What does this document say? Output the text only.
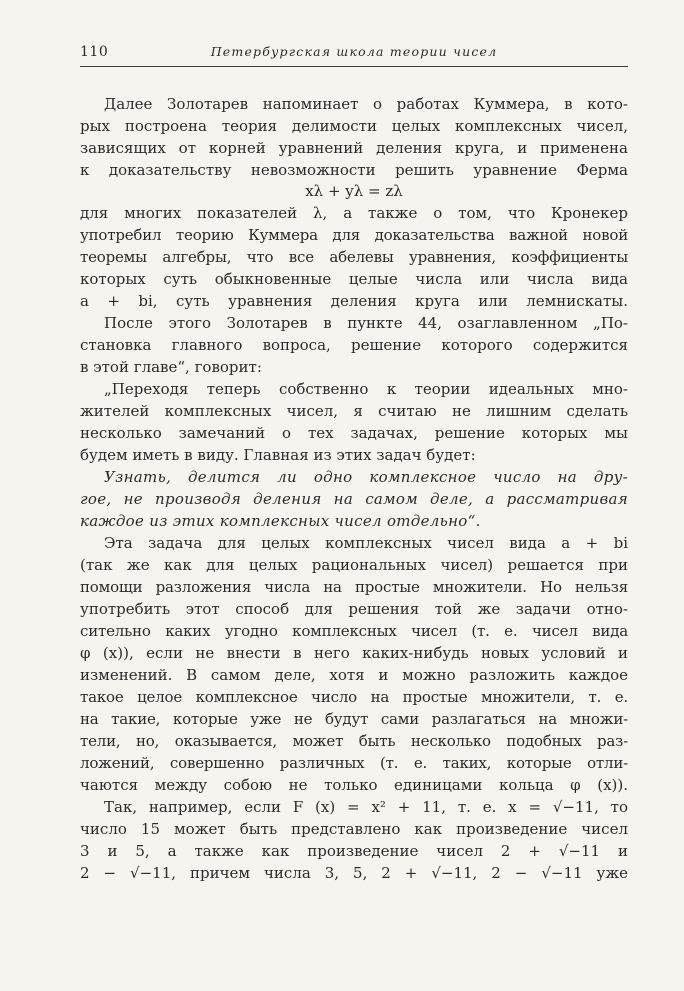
110	Петербургская школа теории чисел
Далее Золотарев напоминает о работах Куммера, в кото-
рых построена теория делимости целых комплексных чисел,
зависящих от корней уравнений деления круга, и применена
к доказательству невозможности решить уравнение Ферма
xλ + yλ = zλ
для многих показателей λ, а также о том, что Кронекер
употребил теорию Куммера для доказательства важной новой
теоремы алгебры, что все абелевы уравнения, коэффициенты
которых суть обыкновенные целые числа или числа вида
a + bi, суть уравнения деления круга или лемнискаты.
После этого Золотарев в пункте 44, озаглавленном „По-
становка главного вопроса, решение которого содержится
в этой главе“, говорит:
„Переходя теперь собственно к теории идеальных мно-
жителей комплексных чисел, я считаю не лишним сделать
несколько замечаний о тех задачах, решение которых мы
будем иметь в виду. Главная из этих задач будет:
Узнать, делится ли одно комплексное число на дру-
гое, не производя деления на самом деле, а рассматривая
каждое из этих комплексных чисел отдельно“.
Эта задача для целых комплексных чисел вида a + bi
(так же как для целых рациональных чисел) решается при
помощи разложения числа на простые множители. Но нельзя
употребить этот способ для решения той же задачи отно-
сительно каких угодно комплексных чисел (т. е. чисел вида
φ (x)), если не внести в него каких-нибудь новых условий и
изменений. В самом деле, хотя и можно разложить каждое
такое целое комплексное число на простые множители, т. е.
на такие, которые уже не будут сами разлагаться на множи-
тели, но, оказывается, может быть несколько подобных раз-
ложений, совершенно различных (т. е. таких, которые отли-
чаются между собою не только единицами кольца φ (x)).
Так, например, если F (x) = x² + 11, т. е. x = √−11, то
число 15 может быть представлено как произведение чисел
3 и 5, а также как произведение чисел 2 + √−11 и
2 − √−11, причем числа 3, 5, 2 + √−11, 2 − √−11 уже
